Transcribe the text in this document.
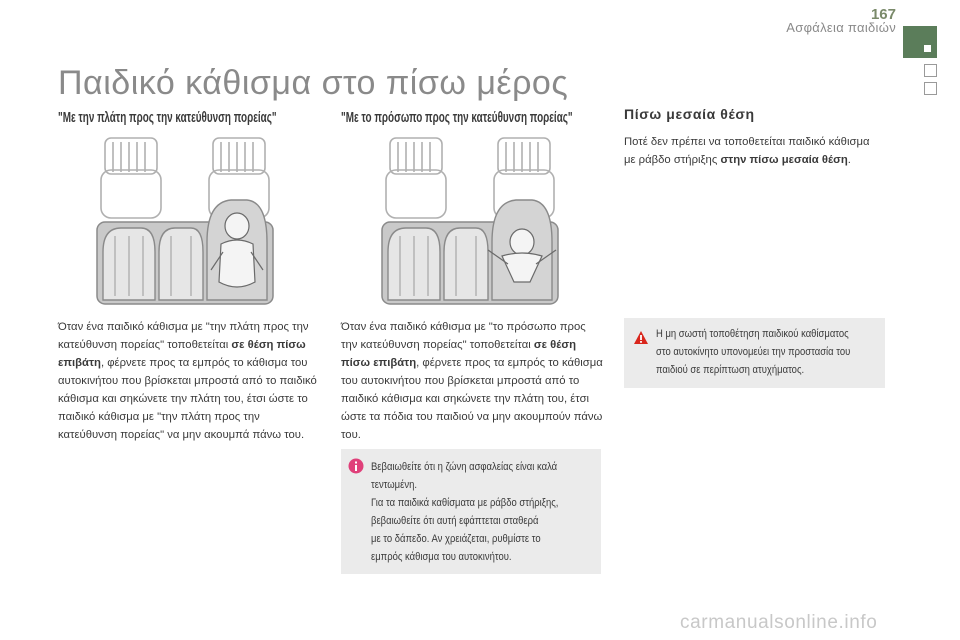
167
Ασφάλεια παιδιών
Παιδικό κάθισμα στο πίσω μέρος
"Με την πλάτη προς την κατεύθυνση πορείας"
Όταν ένα παιδικό κάθισμα με "την πλάτη προς την κατεύθυνση πορείας" τοποθετείται σε θέση πίσω επιβάτη, φέρνετε προς τα εμπρός το κάθισμα του αυτοκινήτου που βρίσκεται μπροστά από το παιδικό κάθισμα και σηκώνετε την πλάτη του, έτσι ώστε το παιδικό κάθισμα με "την πλάτη προς την κατεύθυνση πορείας" να μην ακουμπά πάνω του.
"Με το πρόσωπο προς την κατεύθυνση πορείας"
Όταν ένα παιδικό κάθισμα με "το πρόσωπο προς την κατεύθυνση πορείας" τοποθετείται σε θέση πίσω επιβάτη, φέρνετε προς τα εμπρός το κάθισμα του αυτοκινήτου που βρίσκεται μπροστά από το παιδικό κάθισμα και σηκώνετε την πλάτη του, έτσι ώστε τα πόδια του παιδιού να μην ακουμπούν πάνω του.
Βεβαιωθείτε ότι η ζώνη ασφαλείας είναι καλά
τεντωμένη.
Για τα παιδικά καθίσματα με ράβδο στήριξης,
βεβαιωθείτε ότι αυτή εφάπτεται σταθερά
με το δάπεδο. Αν χρειάζεται, ρυθμίστε το
εμπρός κάθισμα του αυτοκινήτου.
Πίσω μεσαία θέση
Ποτέ δεν πρέπει να τοποθετείται παιδικό κάθισμα με ράβδο στήριξης στην πίσω μεσαία θέση.
Η μη σωστή τοποθέτηση παιδικού καθίσματος
στο αυτοκίνητο υπονομεύει την προστασία του
παιδιού σε περίπτωση ατυχήματος.
carmanualsonline.info
